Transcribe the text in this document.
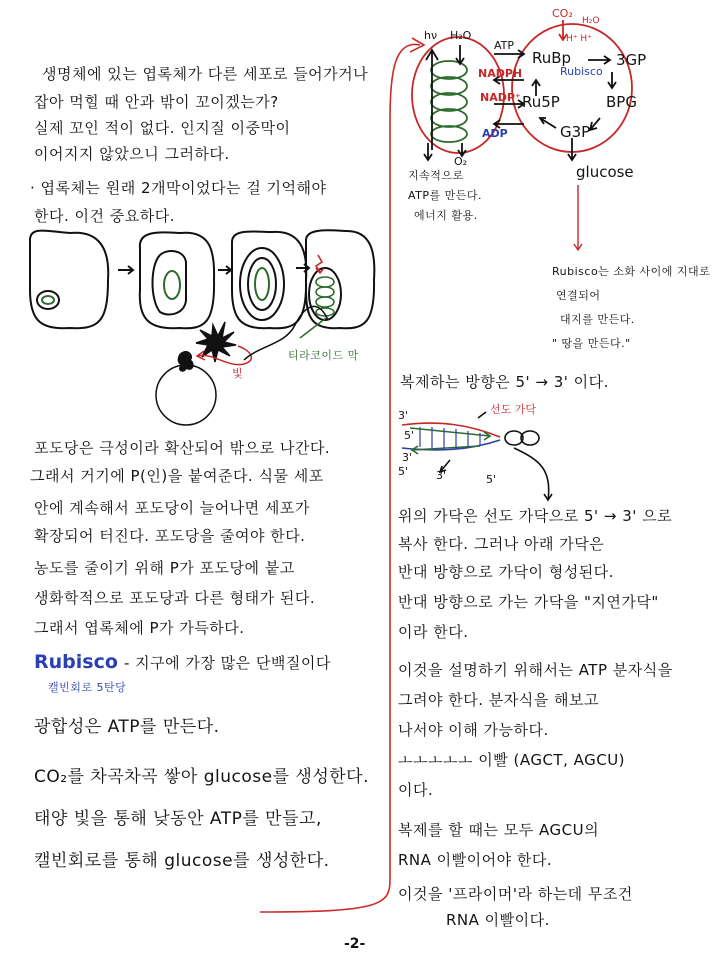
생명체에 있는 엽록체가 다른 세포로 들어가거나
잡아 먹힐 때 안과 밖이 꼬이겠는가?
실제 꼬인 적이 없다. 인지질 이중막이
이어지지 않았으니 그러하다.
· 엽록체는 원래 2개막이었다는 걸 기억해야
한다. 이건 중요하다.
티라코이드 막
빛
포도당은 극성이라 확산되어 밖으로 나간다.
그래서 거기에 P(인)을 붙여준다. 식물 세포
안에 계속해서 포도당이 늘어나면 세포가
확장되어 터진다. 포도당을 줄여야 한다.
농도를 줄이기 위해 P가 포도당에 붙고
생화학적으로 포도당과 다른 형태가 된다.
그래서 엽록체에 P가 가득하다.
Rubisco - 지구에 가장 많은 단백질이다
캘빈회로 5탄당
광합성은 ATP를 만든다.
CO₂를 차곡차곡 쌓아 glucose를 생성한다.
태양 빛을 통해 낮동안 ATP를 만들고,
캘빈회로를 통해 glucose를 생성한다.
hν H₂O
ATP
NADPH
NADP⁺
ADP
O₂
CO₂
H₂O
H⁺ H⁺
RuBp
Rubisco
3GP
BPG
Ru5P
G3P
glucose
지속적으로
ATP를 만든다.
에너지 활용.
Rubisco는 소화 사이에 지대로
연결되어
대지를 만든다.
" 땅을 만든다."
복제하는 방향은 5' → 3' 이다.
선도 가닥
3'
5'
3'
5'	3'	5'
위의 가닥은 선도 가닥으로 5' → 3' 으로
복사 한다. 그러나 아래 가닥은
반대 방향으로 가닥이 형성된다.
반대 방향으로 가는 가닥을 "지연가닥"
이라 한다.
이것을 설명하기 위해서는 ATP 분자식을
그려야 한다. 분자식을 해보고
나서야 이해 가능하다.
ㅗㅗㅗㅗㅗ 이빨 (AGCT, AGCU)
이다.
복제를 할 때는 모두 AGCU의
RNA 이빨이어야 한다.
이것을 '프라이머'라 하는데 무조건
RNA 이빨이다.
-2-
